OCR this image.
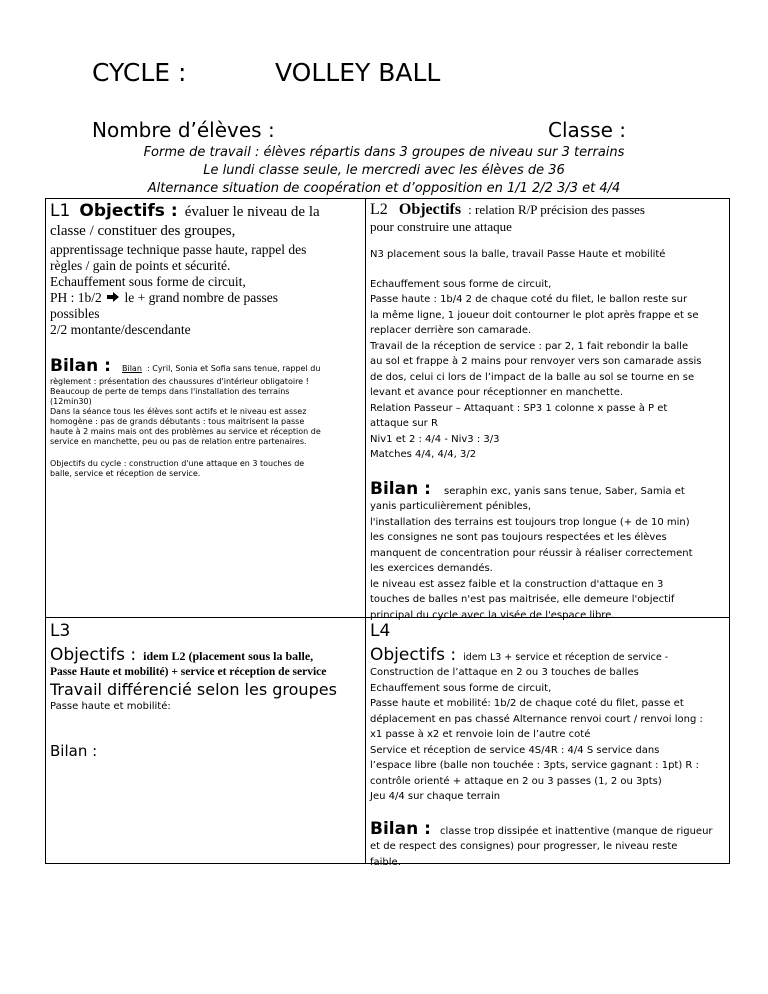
CYCLE :	VOLLEY BALL
Nombre d’élèves :	Classe :
Forme de travail : élèves répartis dans 3 groupes de niveau sur 3 terrains
Le lundi classe seule, le mercredi avec les élèves de 36
Alternance situation de coopération et d’opposition en 1/1 2/2 3/3 et 4/4
L1 Objectifs : évaluer le niveau de la
classe / constituer des groupes,
apprentissage technique passe haute, rappel des
règles / gain de points et sécurité.
Echauffement sous forme de circuit,
PH : 1b/2 le + grand nombre de passes
possibles
2/2 montante/descendante
Bilan : Bilan : Cyril, Sonia et Sofia sans tenue, rappel du
règlement : présentation des chaussures d'intérieur obligatoire !
Beaucoup de perte de temps dans l'installation des terrains
(12min30)
Dans la séance tous les élèves sont actifs et le niveau est assez
homogène : pas de grands débutants : tous maitrisent la passe
haute à 2 mains mais ont des problèmes au service et réception de
service en manchette, peu ou pas de relation entre partenaires.
Objectifs du cycle : construction d'une attaque en 3 touches de
balle, service et réception de service.
L2 Objectifs : relation R/P précision des passes
pour construire une attaque
N3 placement sous la balle, travail Passe Haute et mobilité
Echauffement sous forme de circuit,
Passe haute : 1b/4 2 de chaque coté du filet, le ballon reste sur
la même ligne, 1 joueur doit contourner le plot après frappe et se
replacer derrière son camarade.
Travail de la réception de service : par 2, 1 fait rebondir la balle
au sol et frappe à 2 mains pour renvoyer vers son camarade assis
de dos, celui ci lors de l’impact de la balle au sol se tourne en se
levant et avance pour réceptionner en manchette.
Relation Passeur – Attaquant : SP3 1 colonne x passe à P et
attaque sur R
Niv1 et 2 : 4/4 - Niv3 : 3/3
Matches 4/4, 4/4, 3/2
Bilan : seraphin exc, yanis sans tenue, Saber, Samia et
yanis particulièrement pénibles,
l'installation des terrains est toujours trop longue (+ de 10 min)
les consignes ne sont pas toujours respectées et les élèves
manquent de concentration pour réussir à réaliser correctement
les exercices demandés.
le niveau est assez faible et la construction d'attaque en 3
touches de balles n'est pas maitrisée, elle demeure l'objectif
principal du cycle avec la visée de l'espace libre.
L3
Objectifs : idem L2 (placement sous la balle,
Passe Haute et mobilité) + service et réception de service
Travail différencié selon les groupes
Passe haute et mobilité:
Bilan :
L4
Objectifs : idem L3 + service et réception de service -
Construction de l’attaque en 2 ou 3 touches de balles
Echauffement sous forme de circuit,
Passe haute et mobilité: 1b/2 de chaque coté du filet, passe et
déplacement en pas chassé Alternance renvoi court / renvoi long :
x1 passe à x2 et renvoie loin de l’autre coté
Service et réception de service 4S/4R : 4/4 S service dans
l’espace libre (balle non touchée : 3pts, service gagnant : 1pt) R :
contrôle orienté + attaque en 2 ou 3 passes (1, 2 ou 3pts)
Jeu 4/4 sur chaque terrain
Bilan : classe trop dissipée et inattentive (manque de rigueur
et de respect des consignes) pour progresser, le niveau reste
faible.
